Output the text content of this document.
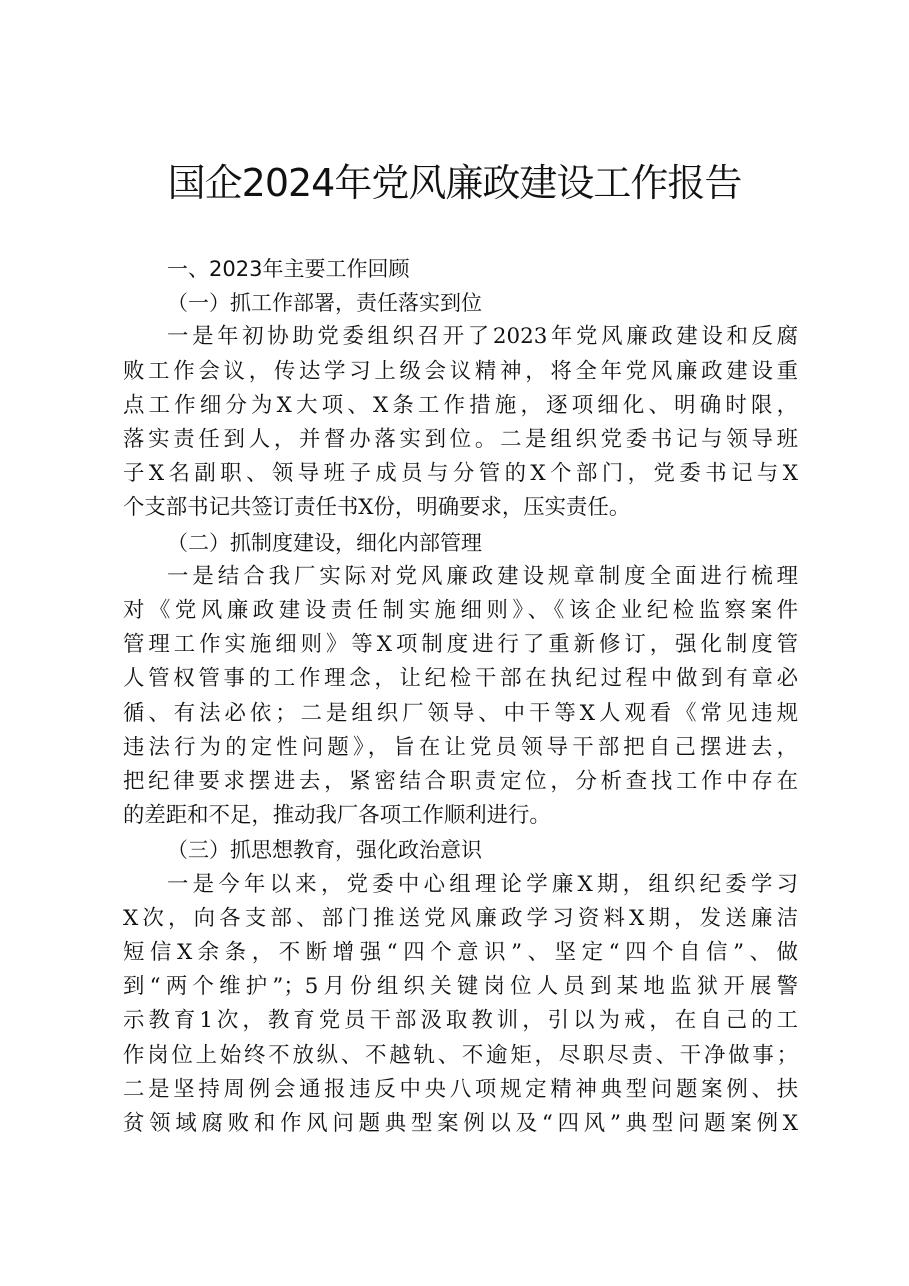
国企2024年党风廉政建设工作报告

一、2023年主要工作回顾

（一）抓工作部署，责任落实到位

一是年初协助党委组织召开了2023年党风廉政建设和反腐
败工作会议，传达学习上级会议精神，将全年党风廉政建设重
点工作细分为X大项、X条工作措施，逐项细化、明确时限，
落实责任到人，并督办落实到位。二是组织党委书记与领导班
子X名副职、领导班子成员与分管的X个部门，党委书记与X
个支部书记共签订责任书X份，明确要求，压实责任。

（二）抓制度建设，细化内部管理

一是结合我厂实际对党风廉政建设规章制度全面进行梳理
对《党风廉政建设责任制实施细则》、《该企业纪检监察案件
管理工作实施细则》等X项制度进行了重新修订，强化制度管
人管权管事的工作理念，让纪检干部在执纪过程中做到有章必
循、有法必依；二是组织厂领导、中干等X人观看《常见违规
违法行为的定性问题》，旨在让党员领导干部把自己摆进去，
把纪律要求摆进去，紧密结合职责定位，分析查找工作中存在
的差距和不足，推动我厂各项工作顺利进行。

（三）抓思想教育，强化政治意识

一是今年以来，党委中心组理论学廉X期，组织纪委学习
X次，向各支部、部门推送党风廉政学习资料X期，发送廉洁
短信X余条，不断增强“四个意识”、坚定“四个自信”、做
到“两个维护”；5月份组织关键岗位人员到某地监狱开展警
示教育1次，教育党员干部汲取教训，引以为戒，在自己的工
作岗位上始终不放纵、不越轨、不逾矩，尽职尽责、干净做事；
二是坚持周例会通报违反中央八项规定精神典型问题案例、扶
贫领域腐败和作风问题典型案例以及“四风”典型问题案例X
